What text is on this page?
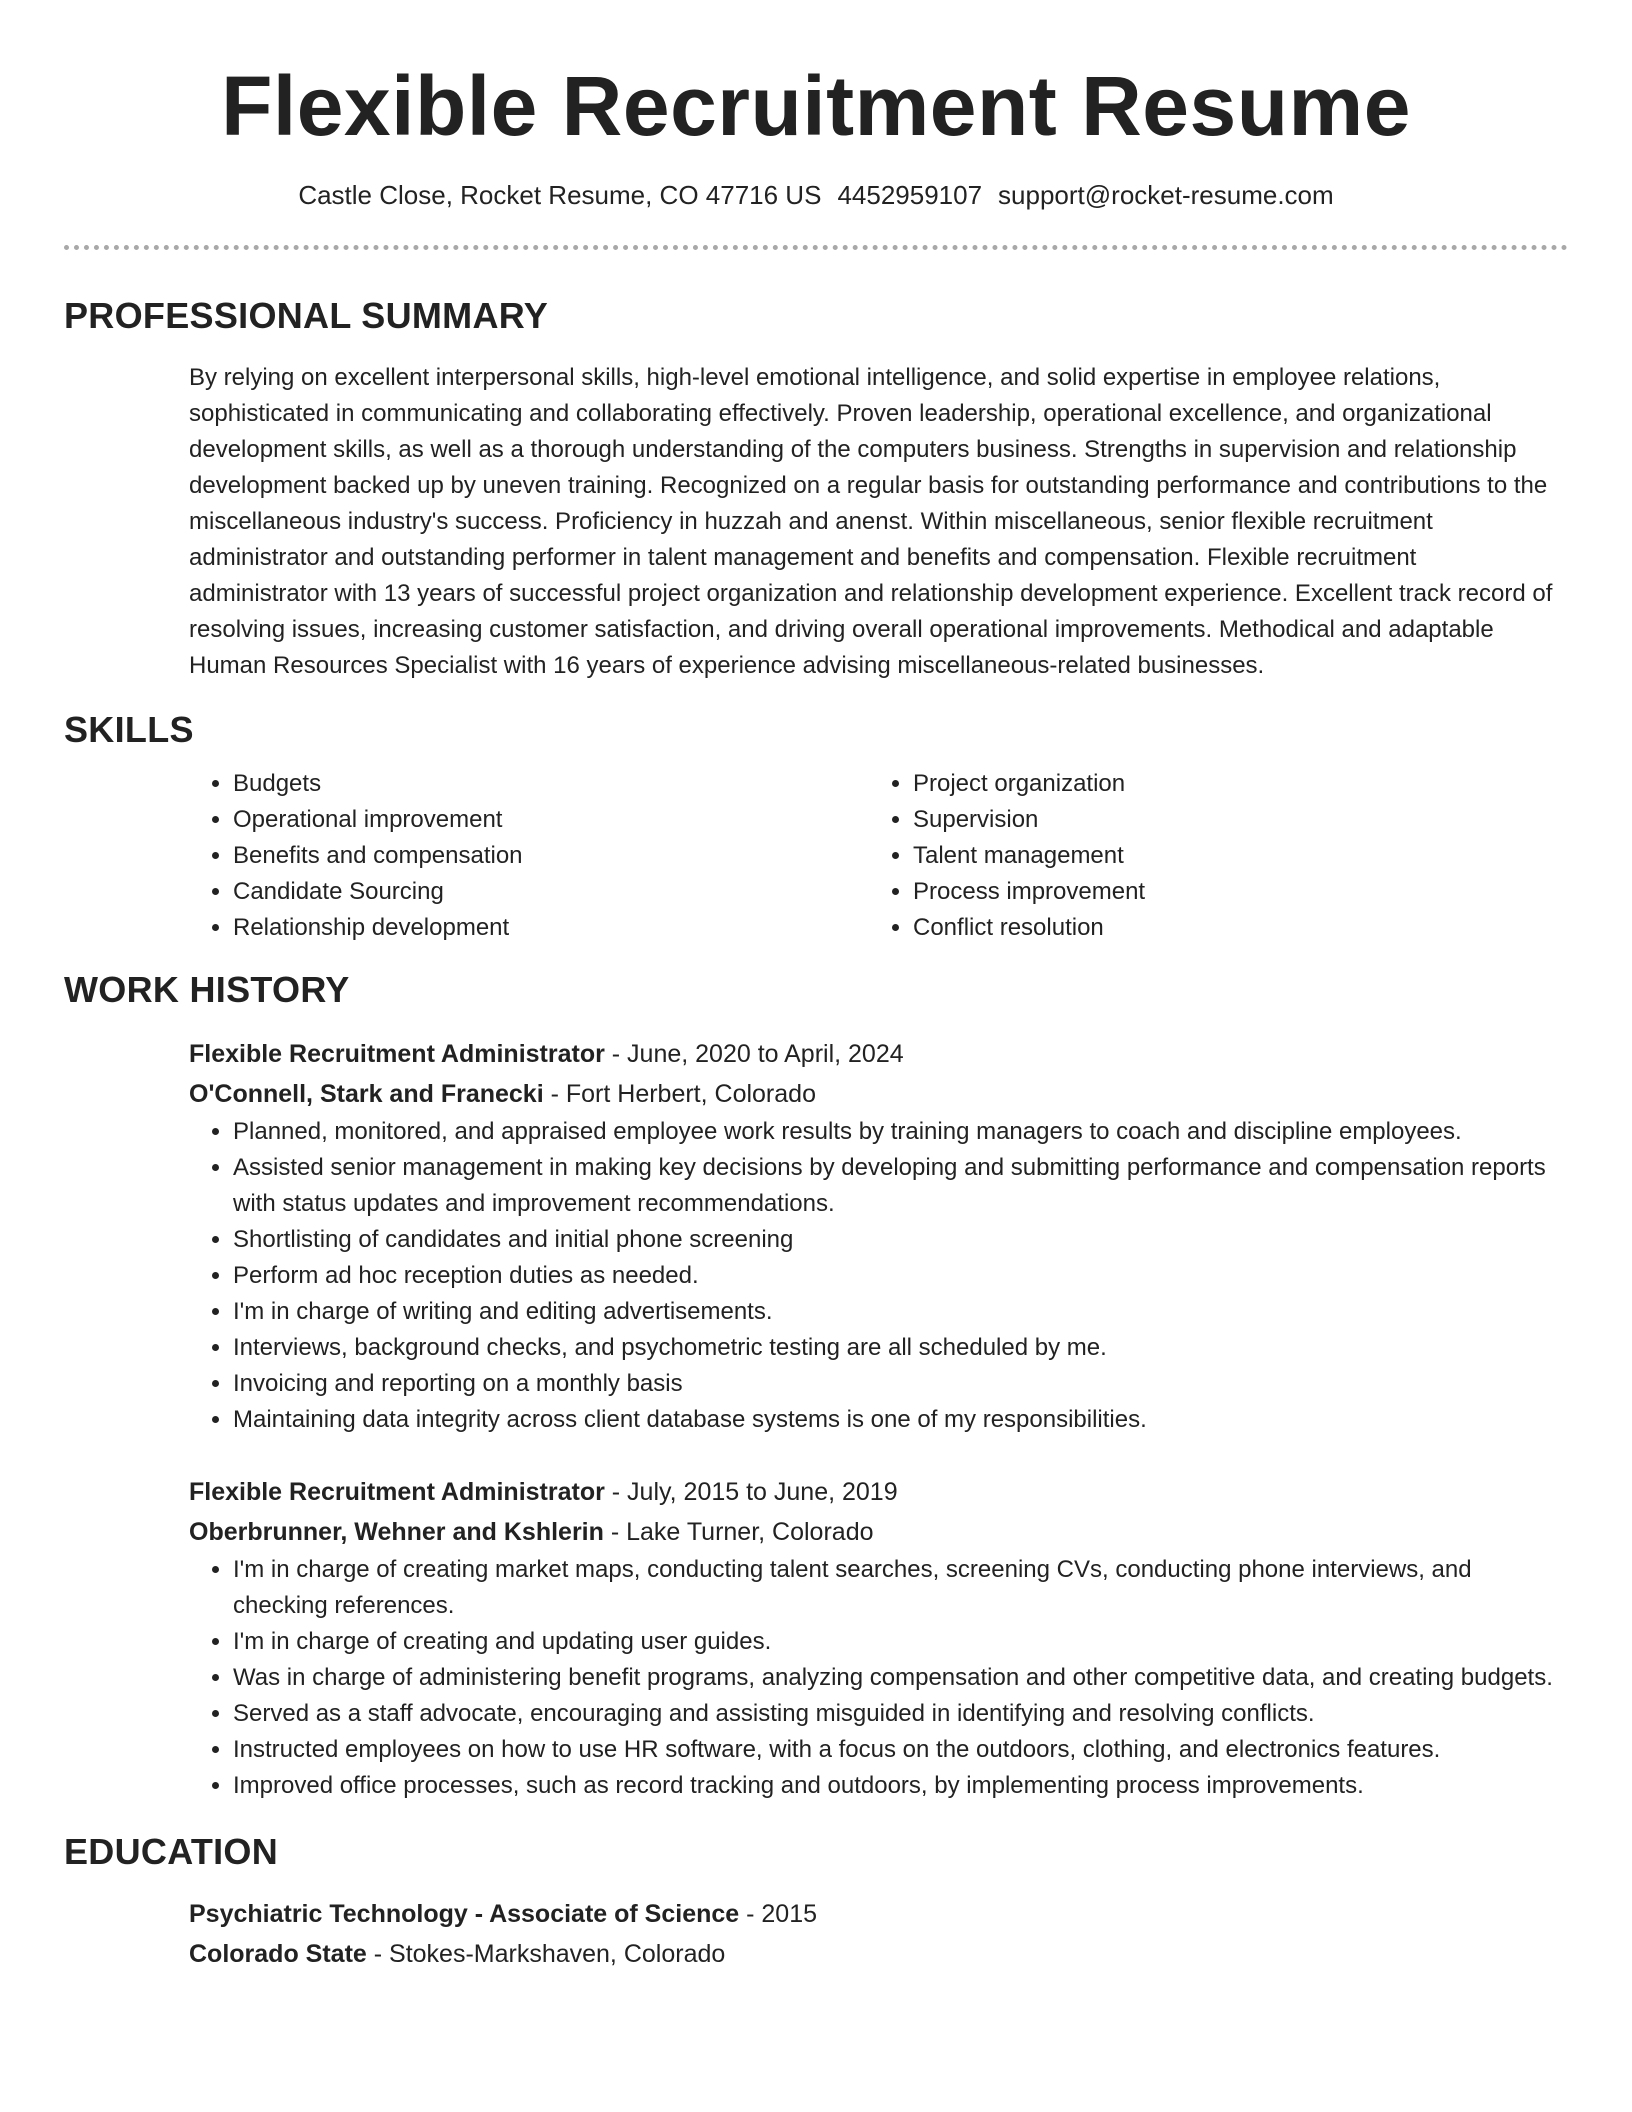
Flexible Recruitment Resume
Castle Close, Rocket Resume, CO 47716 US 4452959107 support@rocket-resume.com
PROFESSIONAL SUMMARY
By relying on excellent interpersonal skills, high-level emotional intelligence, and solid expertise in employee relations, sophisticated in communicating and collaborating effectively. Proven leadership, operational excellence, and organizational development skills, as well as a thorough understanding of the computers business. Strengths in supervision and relationship development backed up by uneven training. Recognized on a regular basis for outstanding performance and contributions to the miscellaneous industry's success. Proficiency in huzzah and anenst. Within miscellaneous, senior flexible recruitment administrator and outstanding performer in talent management and benefits and compensation. Flexible recruitment administrator with 13 years of successful project organization and relationship development experience. Excellent track record of resolving issues, increasing customer satisfaction, and driving overall operational improvements. Methodical and adaptable Human Resources Specialist with 16 years of experience advising miscellaneous-related businesses.
SKILLS
• Budgets
• Operational improvement
• Benefits and compensation
• Candidate Sourcing
• Relationship development
• Project organization
• Supervision
• Talent management
• Process improvement
• Conflict resolution
WORK HISTORY
Flexible Recruitment Administrator - June, 2020 to April, 2024
O'Connell, Stark and Franecki - Fort Herbert, Colorado
• Planned, monitored, and appraised employee work results by training managers to coach and discipline employees.
• Assisted senior management in making key decisions by developing and submitting performance and compensation reports with status updates and improvement recommendations.
• Shortlisting of candidates and initial phone screening
• Perform ad hoc reception duties as needed.
• I'm in charge of writing and editing advertisements.
• Interviews, background checks, and psychometric testing are all scheduled by me.
• Invoicing and reporting on a monthly basis
• Maintaining data integrity across client database systems is one of my responsibilities.
Flexible Recruitment Administrator - July, 2015 to June, 2019
Oberbrunner, Wehner and Kshlerin - Lake Turner, Colorado
• I'm in charge of creating market maps, conducting talent searches, screening CVs, conducting phone interviews, and checking references.
• I'm in charge of creating and updating user guides.
• Was in charge of administering benefit programs, analyzing compensation and other competitive data, and creating budgets.
• Served as a staff advocate, encouraging and assisting misguided in identifying and resolving conflicts.
• Instructed employees on how to use HR software, with a focus on the outdoors, clothing, and electronics features.
• Improved office processes, such as record tracking and outdoors, by implementing process improvements.
EDUCATION
Psychiatric Technology - Associate of Science - 2015
Colorado State - Stokes-Markshaven, Colorado
